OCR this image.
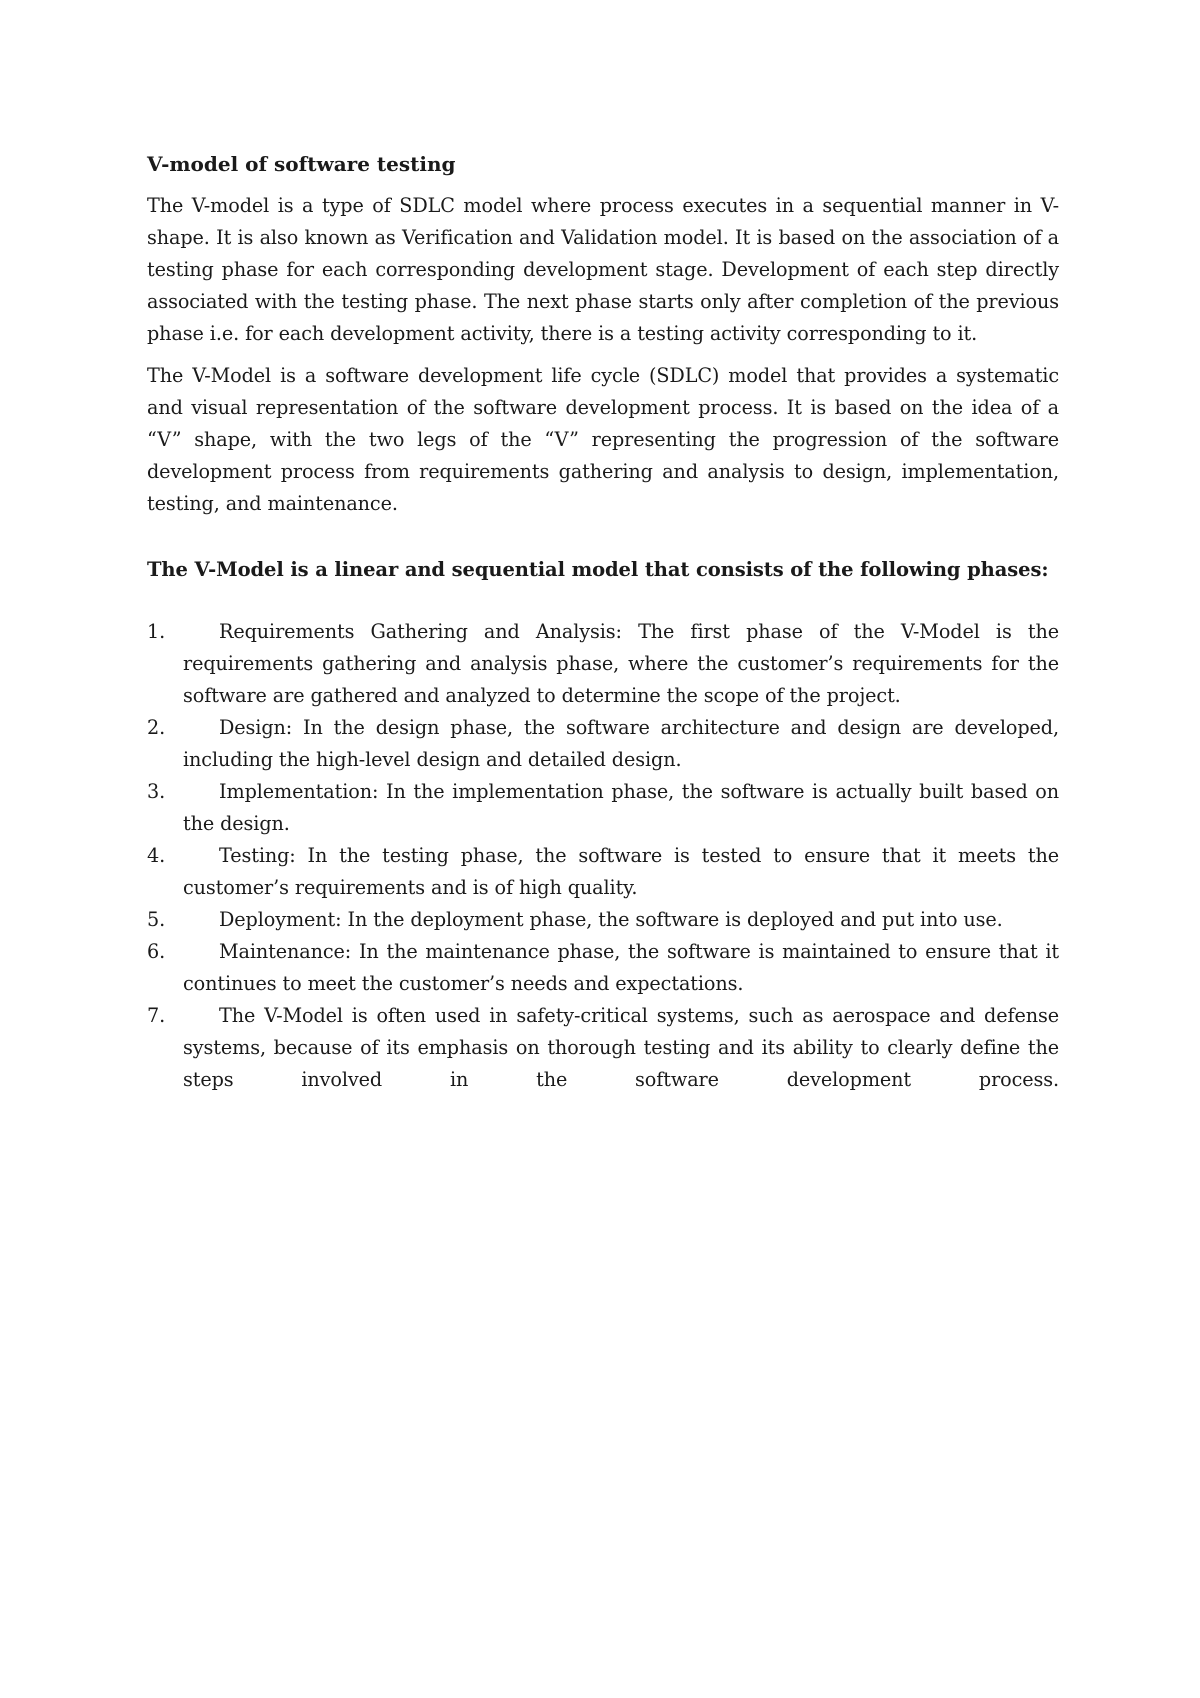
V-model of software testing

The V-model is a type of SDLC model where process executes in a sequential manner in V-shape. It is also known as Verification and Validation model. It is based on the association of a testing phase for each corresponding development stage. Development of each step directly associated with the testing phase. The next phase starts only after completion of the previous phase i.e. for each development activity, there is a testing activity corresponding to it.

The V-Model is a software development life cycle (SDLC) model that provides a systematic and visual representation of the software development process. It is based on the idea of a “V” shape, with the two legs of the “V” representing the progression of the software development process from requirements gathering and analysis to design, implementation, testing, and maintenance.

The V-Model is a linear and sequential model that consists of the following phases:
1.	Requirements Gathering and Analysis: The first phase of the V-Model is the requirements gathering and analysis phase, where the customer’s requirements for the software are gathered and analyzed to determine the scope of the project.
2.	Design: In the design phase, the software architecture and design are developed, including the high-level design and detailed design.
3.	Implementation: In the implementation phase, the software is actually built based on the design.
4.	Testing: In the testing phase, the software is tested to ensure that it meets the customer’s requirements and is of high quality.
5.	Deployment: In the deployment phase, the software is deployed and put into use.
6.	Maintenance: In the maintenance phase, the software is maintained to ensure that it continues to meet the customer’s needs and expectations.
7.	The V-Model is often used in safety-critical systems, such as aerospace and defense systems, because of its emphasis on thorough testing and its ability to clearly define the steps involved in the software development process.
